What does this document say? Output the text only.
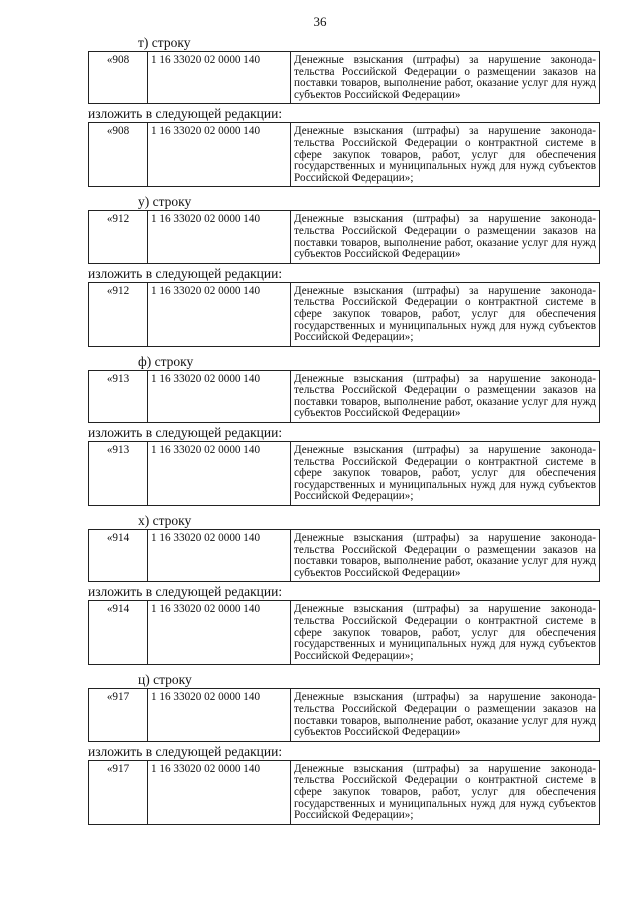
36
т) строку
«908	1 16 33020 02 0000 140	Денежные взыскания (штрафы) за нарушение законода-тельства Российской Федерации о размещении заказов на поставки товаров, выполнение работ, оказание услуг для нужд субъектов Российской Федерации»
изложить в следующей редакции:
«908	1 16 33020 02 0000 140	Денежные взыскания (штрафы) за нарушение законода-тельства Российской Федерации о контрактной системе в сфере закупок товаров, работ, услуг для обеспечения государственных и муниципальных нужд для нужд субъектов Российской Федерации»;
у) строку
«912	1 16 33020 02 0000 140	Денежные взыскания (штрафы) за нарушение законода-тельства Российской Федерации о размещении заказов на поставки товаров, выполнение работ, оказание услуг для нужд субъектов Российской Федерации»
изложить в следующей редакции:
«912	1 16 33020 02 0000 140	Денежные взыскания (штрафы) за нарушение законода-тельства Российской Федерации о контрактной системе в сфере закупок товаров, работ, услуг для обеспечения государственных и муниципальных нужд для нужд субъектов Российской Федерации»;
ф) строку
«913	1 16 33020 02 0000 140	Денежные взыскания (штрафы) за нарушение законода-тельства Российской Федерации о размещении заказов на поставки товаров, выполнение работ, оказание услуг для нужд субъектов Российской Федерации»
изложить в следующей редакции:
«913	1 16 33020 02 0000 140	Денежные взыскания (штрафы) за нарушение законода-тельства Российской Федерации о контрактной системе в сфере закупок товаров, работ, услуг для обеспечения государственных и муниципальных нужд для нужд субъектов Российской Федерации»;
х) строку
«914	1 16 33020 02 0000 140	Денежные взыскания (штрафы) за нарушение законода-тельства Российской Федерации о размещении заказов на поставки товаров, выполнение работ, оказание услуг для нужд субъектов Российской Федерации»
изложить в следующей редакции:
«914	1 16 33020 02 0000 140	Денежные взыскания (штрафы) за нарушение законода-тельства Российской Федерации о контрактной системе в сфере закупок товаров, работ, услуг для обеспечения государственных и муниципальных нужд для нужд субъектов Российской Федерации»;
ц) строку
«917	1 16 33020 02 0000 140	Денежные взыскания (штрафы) за нарушение законода-тельства Российской Федерации о размещении заказов на поставки товаров, выполнение работ, оказание услуг для нужд субъектов Российской Федерации»
изложить в следующей редакции:
«917	1 16 33020 02 0000 140	Денежные взыскания (штрафы) за нарушение законода-тельства Российской Федерации о контрактной системе в сфере закупок товаров, работ, услуг для обеспечения государственных и муниципальных нужд для нужд субъектов Российской Федерации»;
